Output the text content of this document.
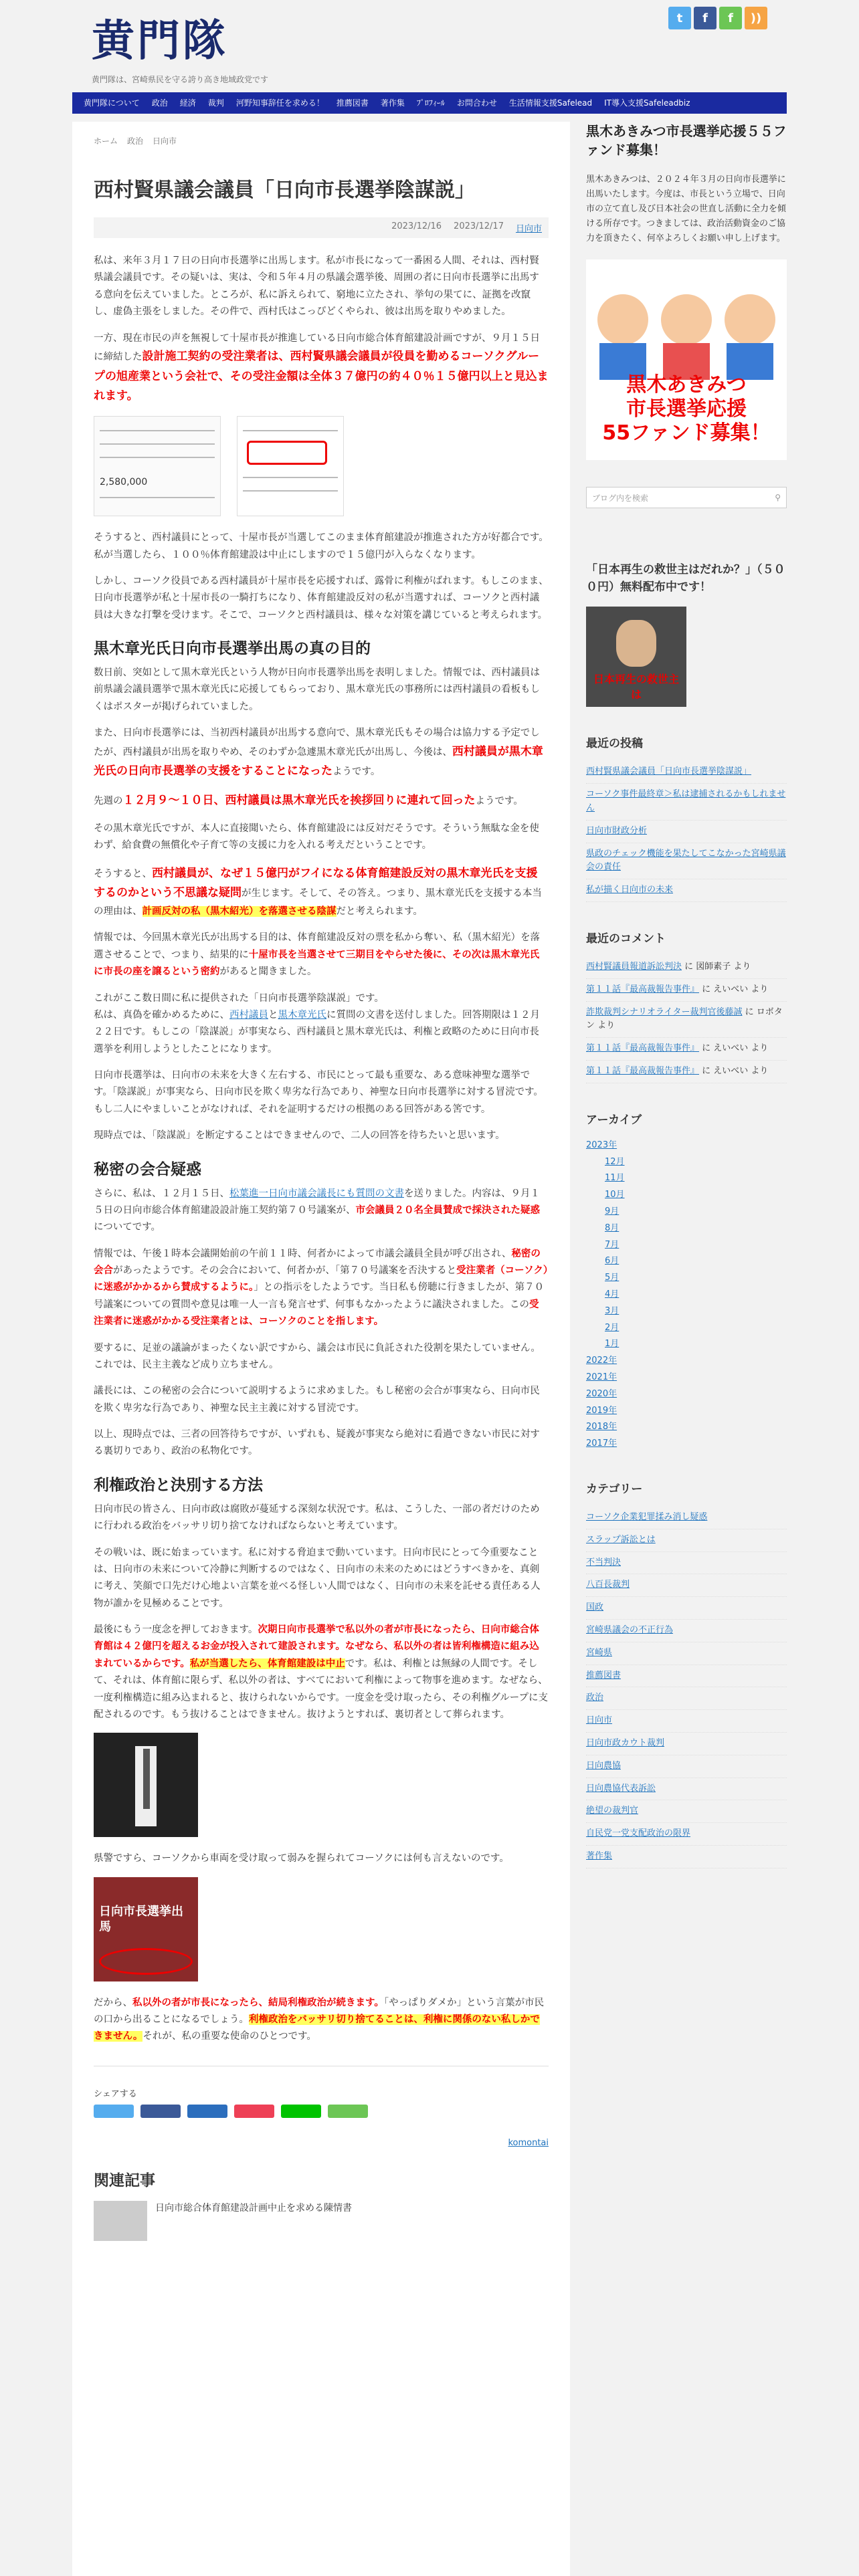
黄門隊
黄門隊は、宮崎県民を守る誇り高き地域政党です
t	f	f	))
黄門隊について	政治	経済	裁判	河野知事辞任を求める！	推薦図書	著作集	ﾌﾟﾛﾌｨｰﾙ	お問合わせ	生活情報支援Safelead	IT導入支援Safeleadbiz
ホーム 政治 日向市
西村賢県議会議員「日向市長選挙陰謀説」
2023/12/16 2023/12/17 日向市

私は、来年３月１７日の日向市長選挙に出馬します。私が市長になって一番困る人間、それは、西村賢県議会議員です。その疑いは、実は、令和５年４月の県議会選挙後、周囲の者に日向市長選挙に出馬する意向を伝えていました。ところが、私に訴えられて、窮地に立たされ、挙句の果てに、証拠を改竄し、虚偽主張をしました。その件で、西村氏はこっぴどくやられ、彼は出馬を取りやめました。

一方、現在市民の声を無視して十屋市長が推進している日向市総合体育館建設計画ですが、９月１５日に締結した設計施工契約の受注業者は、西村賢県議会議員が役員を勤めるコーソクグループの旭産業という会社で、その受注金額は全体３７億円の約４０％１５億円以上と見込まれます。

2,580,000

そうすると、西村議員にとって、十屋市長が当選してこのまま体育館建設が推進された方が好都合です。私が当選したら、１００％体育館建設は中止にしますので１５億円が入らなくなります。

しかし、コーソク役員である西村議員が十屋市長を応援すれば、露骨に利権がばれます。もしこのまま、日向市長選挙が私と十屋市長の一騎打ちになり、体育館建設反対の私が当選すれば、コーソクと西村議員は大きな打撃を受けます。そこで、コーソクと西村議員は、様々な対策を講じていると考えられます。

黒木章光氏日向市長選挙出馬の真の目的

数日前、突如として黒木章光氏という人物が日向市長選挙出馬を表明しました。情報では、西村議員は前県議会議員選挙で黒木章光氏に応援してもらっており、黒木章光氏の事務所には西村議員の看板もしくはポスターが掲げられていました。

また、日向市長選挙には、当初西村議員が出馬する意向で、黒木章光氏もその場合は協力する予定でしたが、西村議員が出馬を取りやめ、そのわずか急遽黒木章光氏が出馬し、今後は、西村議員が黒木章光氏の日向市長選挙の支援をすることになったようです。

先週の１２月９〜１０日、西村議員は黒木章光氏を挨拶回りに連れて回ったようです。

その黒木章光氏ですが、本人に直接聞いたら、体育館建設には反対だそうです。そういう無駄な金を使わず、給食費の無償化や子育て等の支援に力を入れる考えだということです。

そうすると、西村議員が、なぜ１５億円がフイになる体育館建設反対の黒木章光氏を支援するのかという不思議な疑問が生じます。そして、その答え。つまり、黒木章光氏を支援する本当の理由は、計画反対の私（黒木紹光）を落選させる陰謀だと考えられます。

情報では、今回黒木章光氏が出馬する目的は、体育館建設反対の票を私から奪い、私（黒木紹光）を落選させることで、つまり、結果的に十屋市長を当選させて三期目をやらせた後に、その次は黒木章光氏に市長の座を譲るという密約があると聞きました。

これがここ数日間に私に提供された「日向市長選挙陰謀説」です。
私は、真偽を確かめるために、西村議員と黒木章光氏に質問の文書を送付しました。回答期限は１２月２２日です。もしこの「陰謀説」が事実なら、西村議員と黒木章光氏は、利権と政略のために日向市長選挙を利用しようとしたことになります。

日向市長選挙は、日向市の未来を大きく左右する、市民にとって最も重要な、ある意味神聖な選挙です。「陰謀説」が事実なら、日向市民を欺く卑劣な行為であり、神聖な日向市長選挙に対する冒涜です。もし二人にやましいことがなければ、それを証明するだけの根拠のある回答がある筈です。

現時点では、「陰謀説」を断定することはできませんので、二人の回答を待ちたいと思います。

秘密の会合疑惑

さらに、私は、１２月１５日、松葉進一日向市議会議長にも質問の文書を送りました。内容は、９月１５日の日向市総合体育館建設設計施工契約第７０号議案が、市会議員２０名全員賛成で採決された疑惑についてです。

情報では、午後１時本会議開始前の午前１１時、何者かによって市議会議員全員が呼び出され、秘密の会合があったようです。その会合において、何者かが、「第７０号議案を否決すると受注業者（コーソク）に迷惑がかかるから賛成するように。」との指示をしたようです。当日私も傍聴に行きましたが、第７０号議案についての質問や意見は唯一人一言も発言せず、何事もなかったように議決されました。この受注業者に迷惑がかかる受注業者とは、コーソクのことを指します。

要するに、足並の議論がまったくない訳ですから、議会は市民に負託された役割を果たしていません。これでは、民主主義など成り立ちません。

議長には、この秘密の会合について説明するように求めました。もし秘密の会合が事実なら、日向市民を欺く卑劣な行為であり、神聖な民主主義に対する冒涜です。

以上、現時点では、三者の回答待ちですが、いずれも、疑義が事実なら絶対に看過できない市民に対する裏切りであり、政治の私物化です。

利権政治と決別する方法

日向市民の皆さん、日向市政は腐敗が蔓延する深刻な状況です。私は、こうした、一部の者だけのために行われる政治をバッサリ切り捨てなければならないと考えています。

その戦いは、既に始まっています。私に対する脅迫まで動いています。日向市民にとって今重要なことは、日向市の未来について冷静に判断するのではなく、日向市の未来のためにはどうすべきかを、真剣に考え、笑顔で口先だけ心地よい言葉を並べる怪しい人間ではなく、日向市の未来を託せる責任ある人物が誰かを見極めることです。

最後にもう一度念を押しておきます。次期日向市長選挙で私以外の者が市長になったら、日向市総合体育館は４２億円を超えるお金が投入されて建設されます。なぜなら、私以外の者は皆利権構造に組み込まれているからです。私が当選したら、体育館建設は中止です。私は、利権とは無縁の人間です。そして、それは、体育館に限らず、私以外の者は、すべてにおいて利権によって物事を進めます。なぜなら、一度利権構造に組み込まれると、抜けられないからです。一度金を受け取ったら、その利権グループに支配されるのです。もう抜けることはできません。抜けようとすれば、裏切者として葬られます。

県警ですら、コーソクから車両を受け取って弱みを握られてコーソクには何も言えないのです。

日向市長選挙出馬

だから、私以外の者が市長になったら、結局利権政治が続きます。「やっぱりダメか」という言葉が市民の口から出ることになるでしょう。利権政治をバッサリ切り捨てることは、利権に関係のない私しかできません。それが、私の重要な使命のひとつです。

シェアする
komontai
関連記事
日向市総合体育館建設計画中止を求める陳情書
黒木あきみつ市長選挙応援５５ファンド募集！
黒木あきみつは、２０２４年３月の日向市長選挙に出馬いたします。今度は、市長という立場で、日向市の立て直し及び日本社会の世直し活動に全力を傾ける所存です。つきましては、政治活動資金のご協力を頂きたく、何卒よろしくお願い申し上げます。
黒木あきみつ
市長選挙応援
55ファンド募集！
ブログ内を検索	⚲
「日本再生の救世主はだれか？」（５００円）無料配布中です！
日本再生の救世主は
最近の投稿
西村賢県議会議員「日向市長選挙陰謀説」
コーソク事件最終章＞私は逮捕されるかもしれません
日向市財政分析
県政のチェック機能を果たしてこなかった宮崎県議会の責任
私が描く日向市の未来
最近のコメント
西村賢議員報道訴訟判決 に 図師素子 より
第１１話『最高裁報告事件』 に えいべい より
詐欺裁判シナリオライター裁判官後藤誠 に ロボタン より
第１１話『最高裁報告事件』 に えいべい より
第１１話『最高裁報告事件』 に えいべい より
アーカイブ
2023年
12月
11月
10月
9月
8月
7月
6月
5月
4月
3月
2月
1月
2022年
2021年
2020年
2019年
2018年
2017年
カテゴリー
コーソク企業犯罪揉み消し疑惑
スラップ訴訟とは
不当判決
八百長裁判
国政
宮崎県議会の不正行為
宮崎県
推薦図書
政治
日向市
日向市政カウト裁判
日向農協
日向農協代表訴訟
絶望の裁判官
自民党一党支配政治の限界
著作集
